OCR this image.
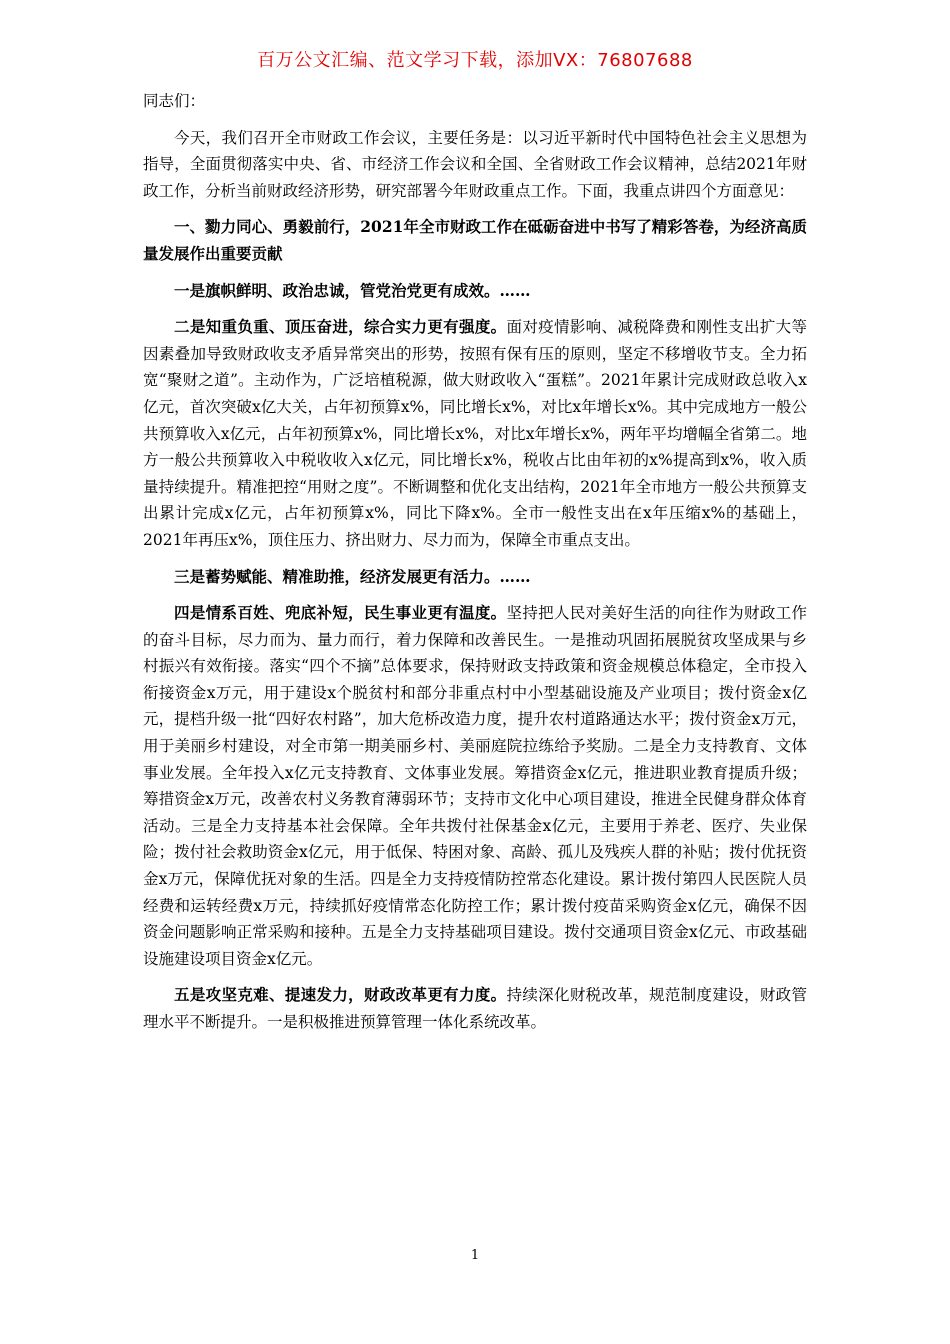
百万公文汇编、范文学习下载，添加VX：76807688

同志们：

今天，我们召开全市财政工作会议，主要任务是：以习近平新时代中国特色社会主义思想为指导，全面贯彻落实中央、省、市经济工作会议和全国、全省财政工作会议精神，总结2021年财政工作，分析当前财政经济形势，研究部署今年财政重点工作。下面，我重点讲四个方面意见：

一、勠力同心、勇毅前行，2021年全市财政工作在砥砺奋进中书写了精彩答卷，为经济高质量发展作出重要贡献

一是旗帜鲜明、政治忠诚，管党治党更有成效。……

二是知重负重、顶压奋进，综合实力更有强度。面对疫情影响、减税降费和刚性支出扩大等因素叠加导致财政收支矛盾异常突出的形势，按照有保有压的原则，坚定不移增收节支。全力拓宽“聚财之道”。主动作为，广泛培植税源，做大财政收入“蛋糕”。2021年累计完成财政总收入x亿元，首次突破x亿大关，占年初预算x%，同比增长x%，对比x年增长x%。其中完成地方一般公共预算收入x亿元，占年初预算x%，同比增长x%，对比x年增长x%，两年平均增幅全省第二。地方一般公共预算收入中税收收入x亿元，同比增长x%，税收占比由年初的x%提高到x%，收入质量持续提升。精准把控“用财之度”。不断调整和优化支出结构，2021年全市地方一般公共预算支出累计完成x亿元，占年初预算x%，同比下降x%。全市一般性支出在x年压缩x%的基础上，2021年再压x%，顶住压力、挤出财力、尽力而为，保障全市重点支出。

三是蓄势赋能、精准助推，经济发展更有活力。……

四是情系百姓、兜底补短，民生事业更有温度。坚持把人民对美好生活的向往作为财政工作的奋斗目标，尽力而为、量力而行，着力保障和改善民生。一是推动巩固拓展脱贫攻坚成果与乡村振兴有效衔接。落实“四个不摘”总体要求，保持财政支持政策和资金规模总体稳定，全市投入衔接资金x万元，用于建设x个脱贫村和部分非重点村中小型基础设施及产业项目；拨付资金x亿元，提档升级一批“四好农村路”，加大危桥改造力度，提升农村道路通达水平；拨付资金x万元，用于美丽乡村建设，对全市第一期美丽乡村、美丽庭院拉练给予奖励。二是全力支持教育、文体事业发展。全年投入x亿元支持教育、文体事业发展。筹措资金x亿元，推进职业教育提质升级；筹措资金x万元，改善农村义务教育薄弱环节；支持市文化中心项目建设，推进全民健身群众体育活动。三是全力支持基本社会保障。全年共拨付社保基金x亿元，主要用于养老、医疗、失业保险；拨付社会救助资金x亿元，用于低保、特困对象、高龄、孤儿及残疾人群的补贴；拨付优抚资金x万元，保障优抚对象的生活。四是全力支持疫情防控常态化建设。累计拨付第四人民医院人员经费和运转经费x万元，持续抓好疫情常态化防控工作；累计拨付疫苗采购资金x亿元，确保不因资金问题影响正常采购和接种。五是全力支持基础项目建设。拨付交通项目资金x亿元、市政基础设施建设项目资金x亿元。

五是攻坚克难、提速发力，财政改革更有力度。持续深化财税改革，规范制度建设，财政管理水平不断提升。一是积极推进预算管理一体化系统改革。

1
